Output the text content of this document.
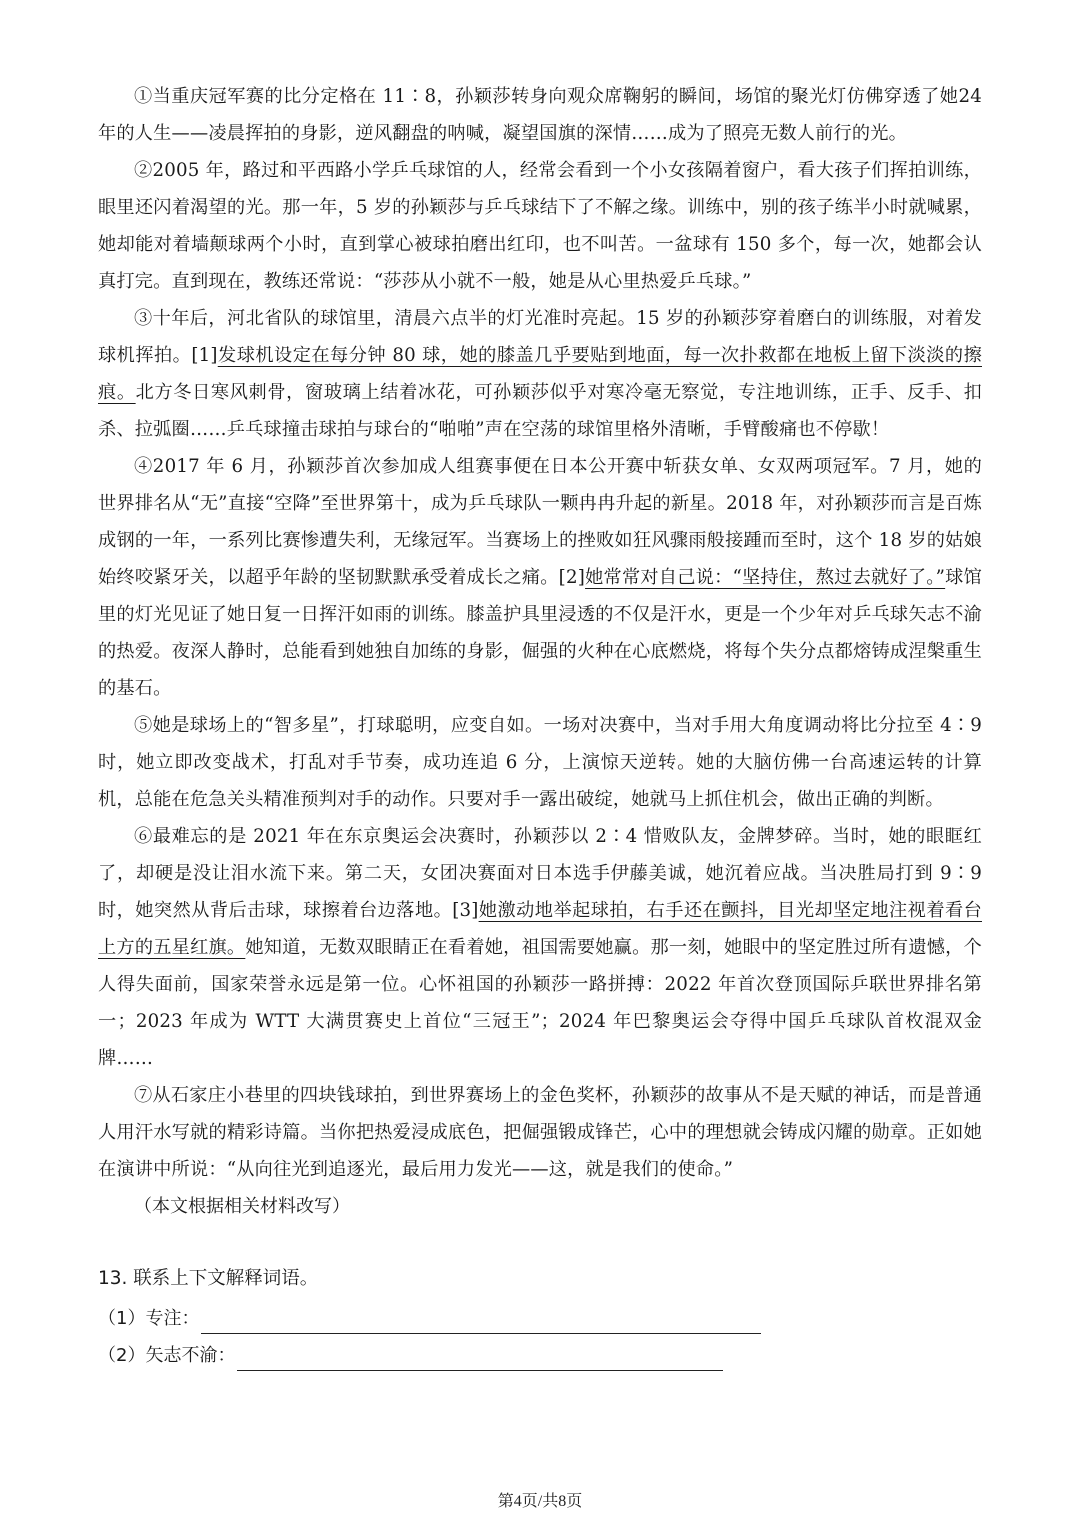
①当重庆冠军赛的比分定格在 11∶8，孙颖莎转身向观众席鞠躬的瞬间，场馆的聚光灯仿佛穿透了她24年的人生——凌晨挥拍的身影，逆风翻盘的呐喊，凝望国旗的深情……成为了照亮无数人前行的光。

②2005 年，路过和平西路小学乒乓球馆的人，经常会看到一个小女孩隔着窗户，看大孩子们挥拍训练，眼里还闪着渴望的光。那一年，5 岁的孙颖莎与乒乓球结下了不解之缘。训练中，别的孩子练半小时就喊累，她却能对着墙颠球两个小时，直到掌心被球拍磨出红印，也不叫苦。一盆球有 150 多个，每一次，她都会认真打完。直到现在，教练还常说：“莎莎从小就不一般，她是从心里热爱乒乓球。”

③十年后，河北省队的球馆里，清晨六点半的灯光准时亮起。15 岁的孙颖莎穿着磨白的训练服，对着发球机挥拍。[1]发球机设定在每分钟 80 球，她的膝盖几乎要贴到地面，每一次扑救都在地板上留下淡淡的擦痕。北方冬日寒风刺骨，窗玻璃上结着冰花，可孙颖莎似乎对寒冷毫无察觉，专注地训练，正手、反手、扣杀、拉弧圈……乒乓球撞击球拍与球台的“啪啪”声在空荡的球馆里格外清晰，手臂酸痛也不停歇！

④2017 年 6 月，孙颖莎首次参加成人组赛事便在日本公开赛中斩获女单、女双两项冠军。7 月，她的世界排名从“无”直接“空降”至世界第十，成为乒乓球队一颗冉冉升起的新星。2018 年，对孙颖莎而言是百炼成钢的一年，一系列比赛惨遭失利，无缘冠军。当赛场上的挫败如狂风骤雨般接踵而至时，这个 18 岁的姑娘始终咬紧牙关，以超乎年龄的坚韧默默承受着成长之痛。[2]她常常对自己说：“坚持住，熬过去就好了。”球馆里的灯光见证了她日复一日挥汗如雨的训练。膝盖护具里浸透的不仅是汗水，更是一个少年对乒乓球矢志不渝的热爱。夜深人静时，总能看到她独自加练的身影，倔强的火种在心底燃烧，将每个失分点都熔铸成涅槃重生的基石。

⑤她是球场上的“智多星”，打球聪明，应变自如。一场对决赛中，当对手用大角度调动将比分拉至 4∶9 时，她立即改变战术，打乱对手节奏，成功连追 6 分，上演惊天逆转。她的大脑仿佛一台高速运转的计算机，总能在危急关头精准预判对手的动作。只要对手一露出破绽，她就马上抓住机会，做出正确的判断。

⑥最难忘的是 2021 年在东京奥运会决赛时，孙颖莎以 2∶4 惜败队友，金牌梦碎。当时，她的眼眶红了，却硬是没让泪水流下来。第二天，女团决赛面对日本选手伊藤美诚，她沉着应战。当决胜局打到 9∶9 时，她突然从背后击球，球擦着台边落地。[3]她激动地举起球拍，右手还在颤抖，目光却坚定地注视着看台上方的五星红旗。她知道，无数双眼睛正在看着她，祖国需要她赢。那一刻，她眼中的坚定胜过所有遗憾，个人得失面前，国家荣誉永远是第一位。心怀祖国的孙颖莎一路拼搏：2022 年首次登顶国际乒联世界排名第一；2023 年成为 WTT 大满贯赛史上首位“三冠王”；2024 年巴黎奥运会夺得中国乒乓球队首枚混双金牌……

⑦从石家庄小巷里的四块钱球拍，到世界赛场上的金色奖杯，孙颖莎的故事从不是天赋的神话，而是普通人用汗水写就的精彩诗篇。当你把热爱浸成底色，把倔强锻成锋芒，心中的理想就会铸成闪耀的勋章。正如她在演讲中所说：“从向往光到追逐光，最后用力发光——这，就是我们的使命。”

（本文根据相关材料改写）

13. 联系上下文解释词语。

（1）专注：
（2）矢志不渝：
第4页/共8页
